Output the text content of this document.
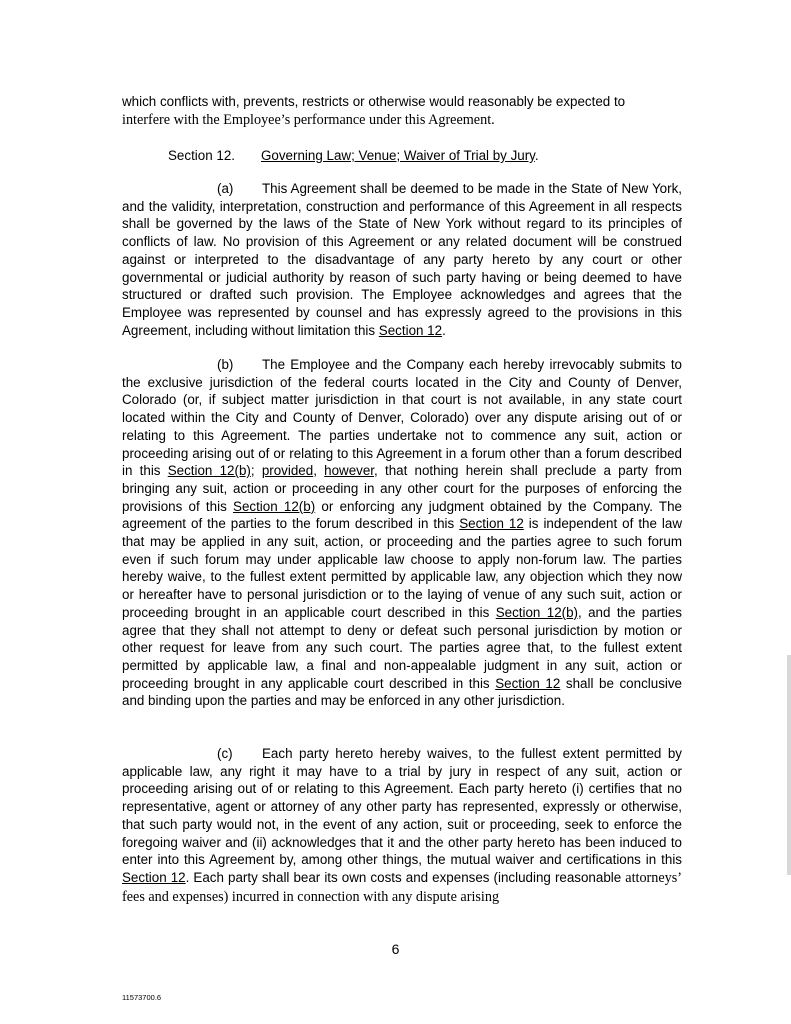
which conflicts with, prevents, restricts or otherwise would reasonably be expected to
interfere with the Employee’s performance under this Agreement.
Section 12. Governing Law; Venue; Waiver of Trial by Jury.
(a) This Agreement shall be deemed to be made in the State of New York, and the validity, interpretation, construction and performance of this Agreement in all respects shall be governed by the laws of the State of New York without regard to its principles of conflicts of law. No provision of this Agreement or any related document will be construed against or interpreted to the disadvantage of any party hereto by any court or other governmental or judicial authority by reason of such party having or being deemed to have structured or drafted such provision. The Employee acknowledges and agrees that the Employee was represented by counsel and has expressly agreed to the provisions in this Agreement, including without limitation this Section 12.
(b) The Employee and the Company each hereby irrevocably submits to the exclusive jurisdiction of the federal courts located in the City and County of Denver, Colorado (or, if subject matter jurisdiction in that court is not available, in any state court located within the City and County of Denver, Colorado) over any dispute arising out of or relating to this Agreement. The parties undertake not to commence any suit, action or proceeding arising out of or relating to this Agreement in a forum other than a forum described in this Section 12(b); provided, however, that nothing herein shall preclude a party from bringing any suit, action or proceeding in any other court for the purposes of enforcing the provisions of this Section 12(b) or enforcing any judgment obtained by the Company. The agreement of the parties to the forum described in this Section 12 is independent of the law that may be applied in any suit, action, or proceeding and the parties agree to such forum even if such forum may under applicable law choose to apply non-forum law. The parties hereby waive, to the fullest extent permitted by applicable law, any objection which they now or hereafter have to personal jurisdiction or to the laying of venue of any such suit, action or proceeding brought in an applicable court described in this Section 12(b), and the parties agree that they shall not attempt to deny or defeat such personal jurisdiction by motion or other request for leave from any such court. The parties agree that, to the fullest extent permitted by applicable law, a final and non-appealable judgment in any suit, action or proceeding brought in any applicable court described in this Section 12 shall be conclusive and binding upon the parties and may be enforced in any other jurisdiction.
(c) Each party hereto hereby waives, to the fullest extent permitted by applicable law, any right it may have to a trial by jury in respect of any suit, action or proceeding arising out of or relating to this Agreement. Each party hereto (i) certifies that no representative, agent or attorney of any other party has represented, expressly or otherwise, that such party would not, in the event of any action, suit or proceeding, seek to enforce the foregoing waiver and (ii) acknowledges that it and the other party hereto has been induced to enter into this Agreement by, among other things, the mutual waiver and certifications in this Section 12. Each party shall bear its own costs and expenses (including reasonable attorneys’ fees and expenses) incurred in connection with any dispute arising
6
11573700.6
